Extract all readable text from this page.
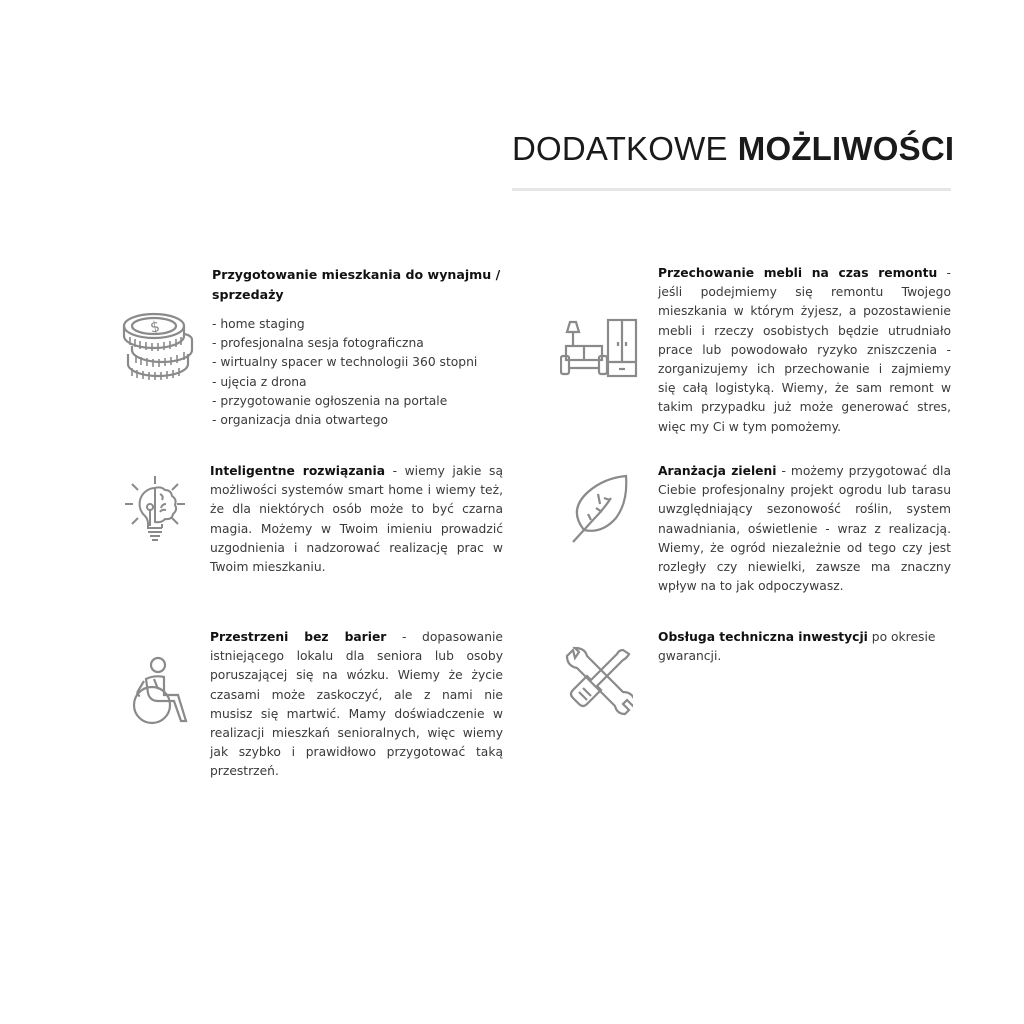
DODATKOWE MOŻLIWOŚCI
$
Przygotowanie mieszkania do wynajmu / sprzedaży
- home staging
- profesjonalna sesja fotograficzna
- wirtualny spacer w technologii 360 stopni
- ujęcia z drona
- przygotowanie ogłoszenia na portale
- organizacja dnia otwartego
Przechowanie mebli na czas remontu - jeśli podejmiemy się remontu Twojego mieszkania w którym żyjesz, a pozostawienie mebli i rzeczy osobistych będzie utrudniało prace lub powodowało ryzyko zniszczenia - zorganizujemy ich przechowanie i zajmiemy się całą logistyką. Wiemy, że sam remont w takim przypadku już może generować stres, więc my Ci w tym pomożemy.
Inteligentne rozwiązania - wiemy jakie są możliwości systemów smart home i wiemy też, że dla niektórych osób może to być czarna magia. Możemy w Twoim imieniu prowadzić uzgodnienia i nadzorować realizację prac w Twoim mieszkaniu.
Aranżacja zieleni - możemy przygotować dla Ciebie profesjonalny projekt ogrodu lub tarasu uwzględniający sezonowość roślin, system nawadniania, oświetlenie - wraz z realizacją. Wiemy, że ogród niezależnie od tego czy jest rozległy czy niewielki, zawsze ma znaczny wpływ na to jak odpoczywasz.
Przestrzeni bez barier - dopasowanie istniejącego lokalu dla seniora lub osoby poruszającej się na wózku. Wiemy że życie czasami może zaskoczyć, ale z nami nie musisz się martwić. Mamy doświadczenie w realizacji mieszkań senioralnych, więc wiemy jak szybko i prawidłowo przygotować taką przestrzeń.
Obsługa techniczna inwestycji po okresie gwarancji.
